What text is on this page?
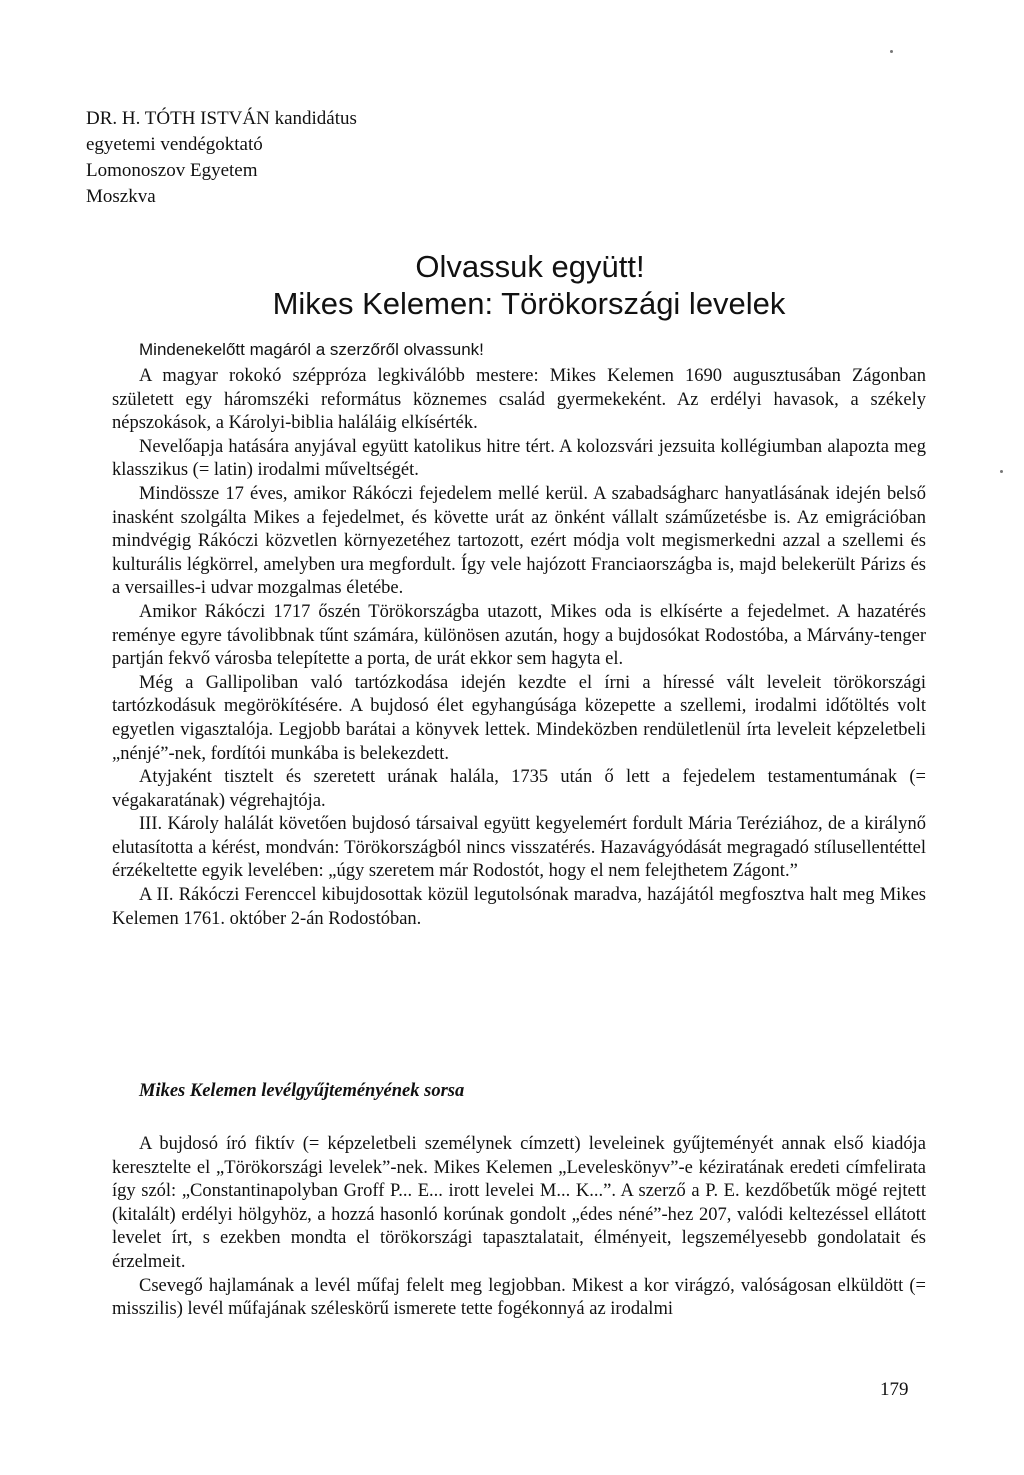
DR. H. TÓTH ISTVÁN kandidátus
egyetemi vendégoktató
Lomonoszov Egyetem
Moszkva
Olvassuk együtt!
Mikes Kelemen: Törökországi levelek
Mindenekelőtt magáról a szerzőről olvassunk!

A magyar rokokó széppróza legkiválóbb mestere: Mikes Kelemen 1690 augusztusában Zágonban született egy háromszéki református köznemes család gyermekeként. Az erdélyi havasok, a székely népszokások, a Károlyi-biblia haláláig elkísérték.

Nevelőapja hatására anyjával együtt katolikus hitre tért. A kolozsvári jezsuita kollégiumban alapozta meg klasszikus (= latin) irodalmi műveltségét.

Mindössze 17 éves, amikor Rákóczi fejedelem mellé kerül. A szabadságharc hanyatlásának idején belső inasként szolgálta Mikes a fejedelmet, és követte urát az önként vállalt száműzetésbe is. Az emigrációban mindvégig Rákóczi közvetlen környezetéhez tartozott, ezért módja volt megismerkedni azzal a szellemi és kulturális légkörrel, amelyben ura megfordult. Így vele hajózott Franciaországba is, majd belekerült Párizs és a versailles-i udvar mozgalmas életébe.

Amikor Rákóczi 1717 őszén Törökországba utazott, Mikes oda is elkísérte a fejedelmet. A hazatérés reménye egyre távolibbnak tűnt számára, különösen azután, hogy a bujdosókat Rodostóba, a Márvány-tenger partján fekvő városba telepítette a porta, de urát ekkor sem hagyta el.

Még a Gallipoliban való tartózkodása idején kezdte el írni a híressé vált leveleit törökországi tartózkodásuk megörökítésére. A bujdosó élet egyhangúsága közepette a szellemi, irodalmi időtöltés volt egyetlen vigasztalója. Legjobb barátai a könyvek lettek. Mindeközben rendületlenül írta leveleit képzeletbeli „nénjé”-nek, fordítói munkába is belekezdett.

Atyjaként tisztelt és szeretett urának halála, 1735 után ő lett a fejedelem testamentumának (= végakaratának) végrehajtója.

III. Károly halálát követően bujdosó társaival együtt kegyelemért fordult Mária Teréziához, de a királynő elutasította a kérést, mondván: Törökországból nincs visszatérés. Hazavágyódását megragadó stílusellentéttel érzékeltette egyik levelében: „úgy szeretem már Rodostót, hogy el nem felejthetem Zágont.”

A II. Rákóczi Ferenccel kibujdosottak közül legutolsónak maradva, hazájától megfosztva halt meg Mikes Kelemen 1761. október 2-án Rodostóban.

Mikes Kelemen levélgyűjteményének sorsa

A bujdosó író fiktív (= képzeletbeli személynek címzett) leveleinek gyűjteményét annak első kiadója keresztelte el „Törökországi levelek”-nek. Mikes Kelemen „Leveleskönyv”-e kéziratának eredeti címfelirata így szól: „Constantinapolyban Groff P... E... irott levelei M... K...”. A szerző a P. E. kezdőbetűk mögé rejtett (kitalált) erdélyi hölgyhöz, a hozzá hasonló korúnak gondolt „édes néné”-hez 207, valódi keltezéssel ellátott levelet írt, s ezekben mondta el törökországi tapasztalatait, élményeit, legszemélyesebb gondolatait és érzelmeit.

Csevegő hajlamának a levél műfaj felelt meg legjobban. Mikest a kor virágzó, valóságosan elküldött (= misszilis) levél műfajának széleskörű ismerete tette fogékonnyá az irodalmi

179
